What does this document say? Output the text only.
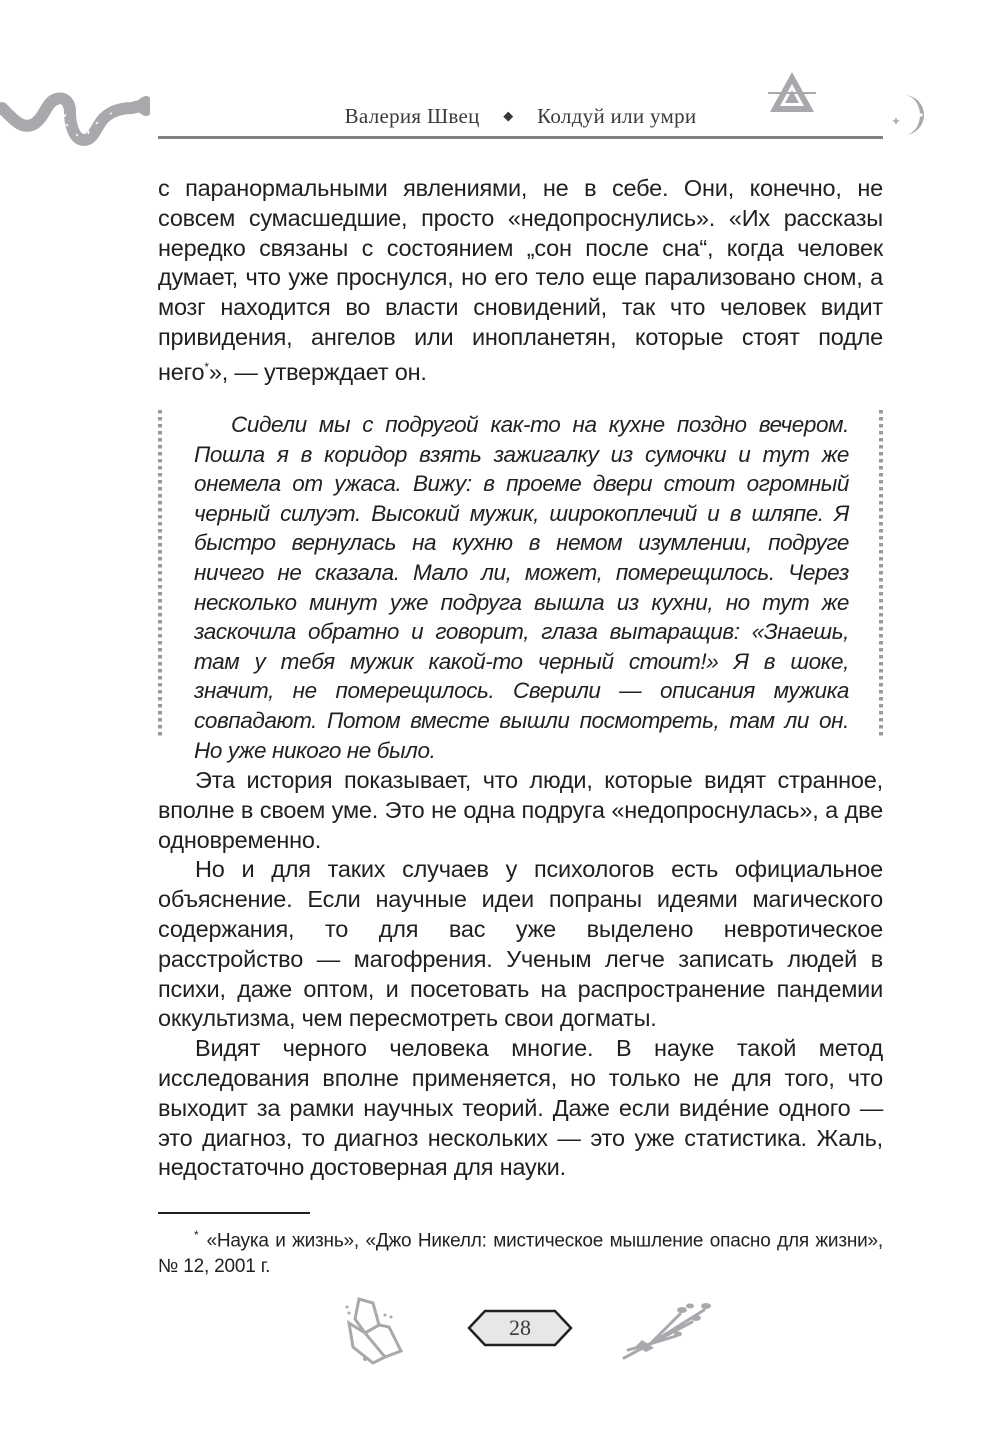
Валерия Швец ◆ Колдуй или умри

с паранормальными явлениями, не в себе. Они, конечно, не совсем сумасшедшие, просто «недопроснулись». «Их рассказы нередко связаны с состоянием „сон после сна“, когда человек думает, что уже проснулся, но его тело еще парализовано сном, а мозг находится во власти сновидений, так что человек видит привидения, ангелов или инопланетян, которые стоят подле него*», — утверждает он.

Сидели мы с подругой как-то на кухне поздно вечером. Пошла я в коридор взять зажигалку из сумочки и тут же онемела от ужаса. Вижу: в проеме двери стоит огромный черный силуэт. Высокий мужик, широкоплечий и в шляпе. Я быстро вернулась на кухню в немом изумлении, подруге ничего не сказала. Мало ли, может, померещилось. Через несколько минут уже подруга вышла из кухни, но тут же заскочила обратно и говорит, глаза вытаращив: «Знаешь, там у тебя мужик какой-то черный стоит!» Я в шоке, значит, не померещилось. Сверили — описания мужика совпадают. Потом вместе вышли посмотреть, там ли он. Но уже никого не было.

Эта история показывает, что люди, которые видят странное, вполне в своем уме. Это не одна подруга «недопроснулась», а две одновременно.

Но и для таких случаев у психологов есть официальное объяснение. Если научные идеи попраны идеями магического содержания, то для вас уже выделено невротическое расстройство — магофрения. Ученым легче записать людей в психи, даже оптом, и посетовать на распространение пандемии оккультизма, чем пересмотреть свои догматы.

Видят черного человека многие. В науке такой метод исследования вполне применяется, но только не для того, что выходит за рамки научных теорий. Даже если виде́ние одного — это диагноз, то диагноз нескольких — это уже статистика. Жаль, недостаточно достоверная для науки.

* «Наука и жизнь», «Джо Никелл: мистическое мышление опасно для жизни», № 12, 2001 г.

28
